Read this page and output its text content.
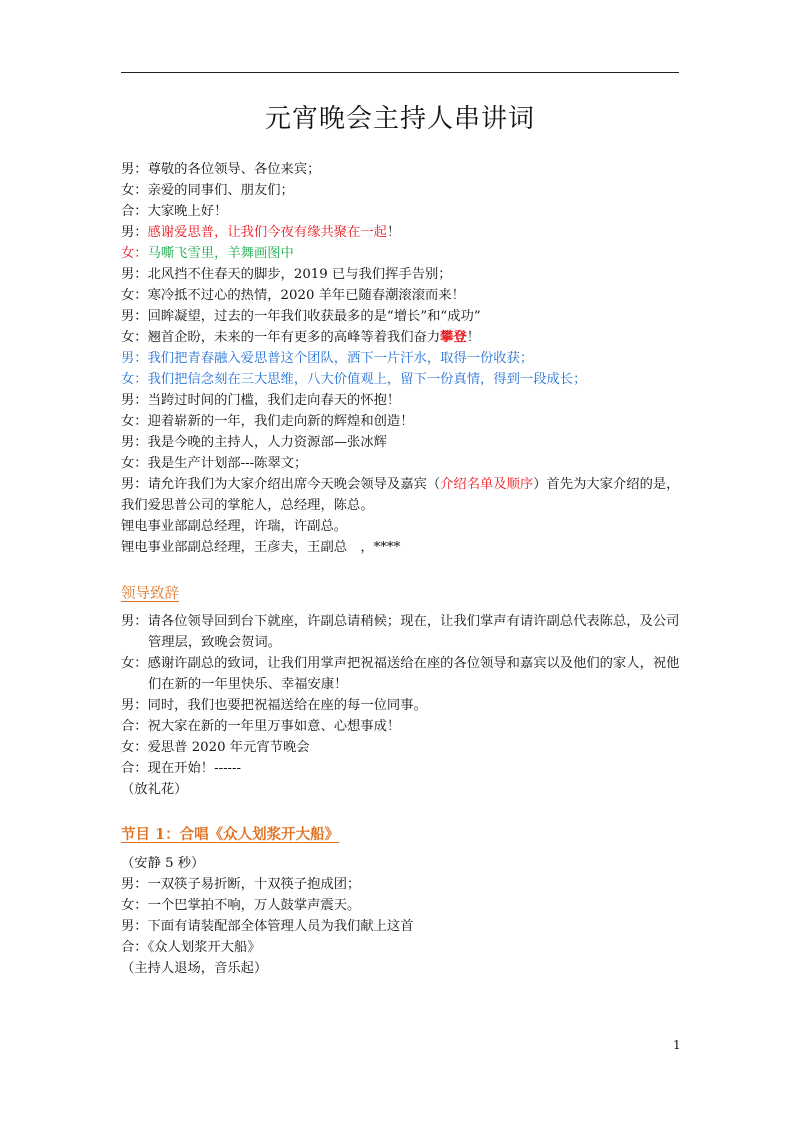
元宵晚会主持人串讲词
男：尊敬的各位领导、各位来宾；
女：亲爱的同事们、朋友们；
合：大家晚上好！
男：感谢爱思普，让我们今夜有缘共聚在一起！
女：马嘶飞雪里，羊舞画图中
男：北风挡不住春天的脚步，2019 已与我们挥手告别；
女：寒冷抵不过心的热情，2020 羊年已随春潮滚滚而来！
男：回眸凝望，过去的一年我们收获最多的是“增长”和“成功”
女：翘首企盼，未来的一年有更多的高峰等着我们奋力攀登！
男：我们把青春融入爱思普这个团队，洒下一片汗水，取得一份收获；
女：我们把信念刻在三大思维，八大价值观上，留下一份真情，得到一段成长；
男：当跨过时间的门槛，我们走向春天的怀抱！
女：迎着崭新的一年，我们走向新的辉煌和创造！
男：我是今晚的主持人，人力资源部—张冰辉
女：我是生产计划部---陈翠文；
男：请允许我们为大家介绍出席今天晚会领导及嘉宾（介绍名单及顺序）首先为大家介绍的是，
我们爱思普公司的掌舵人，总经理，陈总。
锂电事业部副总经理，许瑞，许副总。
锂电事业部副总经理，王彦夫，王副总　，****
领导致辞
男：请各位领导回到台下就座，许副总请稍候；现在，让我们掌声有请许副总代表陈总，及公司
管理层，致晚会贺词。
女：感谢许副总的致词，让我们用掌声把祝福送给在座的各位领导和嘉宾以及他们的家人，祝他
们在新的一年里快乐、幸福安康！
男：同时，我们也要把祝福送给在座的每一位同事。
合：祝大家在新的一年里万事如意、心想事成！
女：爱思普 2020 年元宵节晚会
合：现在开始！------
（放礼花）
节目 1：合唱《众人划浆开大船》
（安静 5 秒）
男：一双筷子易折断，十双筷子抱成团；
女：一个巴掌拍不响，万人鼓掌声震天。
男：下面有请装配部全体管理人员为我们献上这首
合：《众人划浆开大船》
（主持人退场，音乐起）
1
